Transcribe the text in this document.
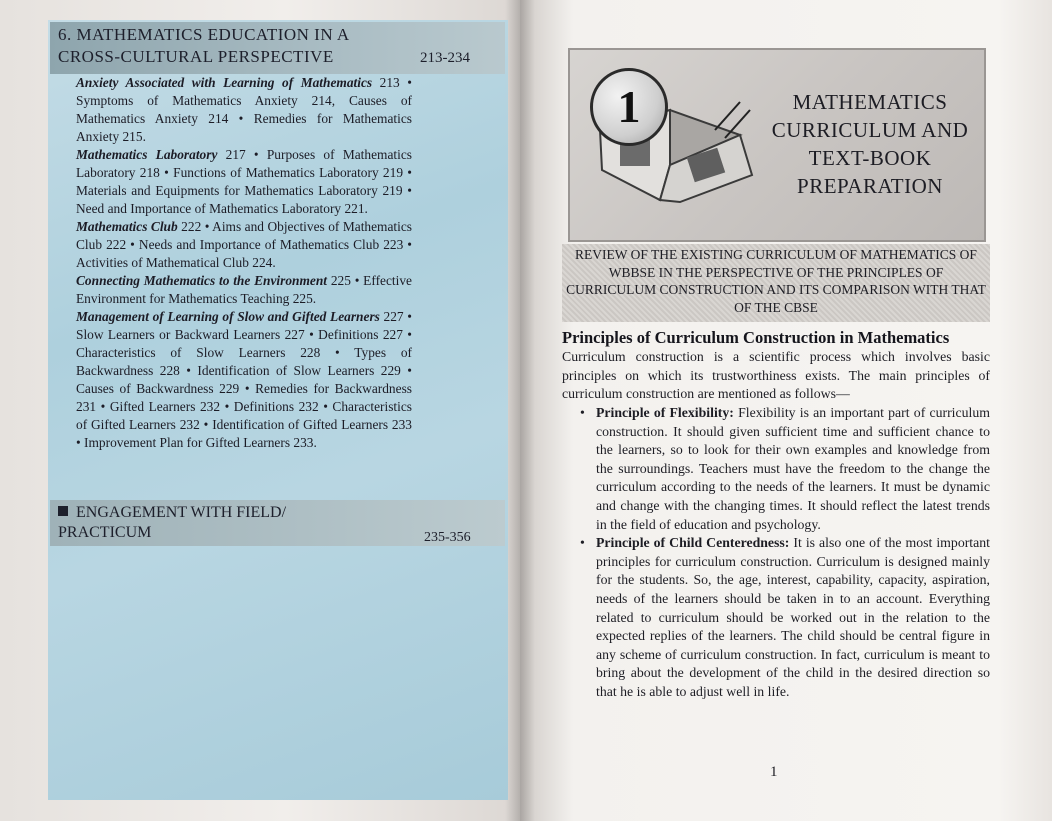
6. MATHEMATICS EDUCATION IN A CROSS-CULTURAL PERSPECTIVE	213-234

Anxiety Associated with Learning of Mathematics 213 • Symptoms of Mathematics Anxiety 214, Causes of Mathematics Anxiety 214 • Remedies for Mathematics Anxiety 215.

Mathematics Laboratory 217 • Purposes of Mathematics Laboratory 218 • Functions of Mathematics Laboratory 219 • Materials and Equipments for Mathematics Laboratory 219 • Need and Importance of Mathematics Laboratory 221.

Mathematics Club 222 • Aims and Objectives of Mathematics Club 222 • Needs and Importance of Mathematics Club 223 • Activities of Mathematical Club 224.

Connecting Mathematics to the Environment 225 • Effective Environment for Mathematics Teaching 225.

Management of Learning of Slow and Gifted Learners 227 • Slow Learners or Backward Learners 227 • Definitions 227 • Characteristics of Slow Learners 228 • Types of Backwardness 228 • Identification of Slow Learners 229 • Causes of Backwardness 229 • Remedies for Backwardness 231 • Gifted Learners 232 • Definitions 232 • Characteristics of Gifted Learners 232 • Identification of Gifted Learners 233 • Improvement Plan for Gifted Learners 233.

ENGAGEMENT WITH FIELD/ PRACTICUM	235-356
1	MATHEMATICS
CURRICULUM AND
TEXT-BOOK
PREPARATION
REVIEW OF THE EXISTING CURRICULUM OF MATHEMATICS OF WBBSE IN THE PERSPECTIVE OF THE PRINCIPLES OF CURRICULUM CONSTRUCTION AND ITS COMPARISON WITH THAT OF THE CBSE
Principles of Curriculum Construction in Mathematics

Curriculum construction is a scientific process which involves basic principles on which its trustworthiness exists. The main principles of curriculum construction are mentioned as follows—

• Principle of Flexibility: Flexibility is an important part of curriculum construction. It should given sufficient time and sufficient chance to the learners, so to look for their own examples and knowledge from the surroundings. Teachers must have the freedom to the change the curriculum according to the needs of the learners. It must be dynamic and change with the changing times. It should reflect the latest trends in the field of education and psychology.
• Principle of Child Centeredness: It is also one of the most important principles for curriculum construction. Curriculum is designed mainly for the students. So, the age, interest, capability, capacity, aspiration, needs of the learners should be taken in to an account. Everything related to curriculum should be worked out in the relation to the expected replies of the learners. The child should be central figure in any scheme of curriculum construction. In fact, curriculum is meant to bring about the development of the child in the desired direction so that he is able to adjust well in life.
1
